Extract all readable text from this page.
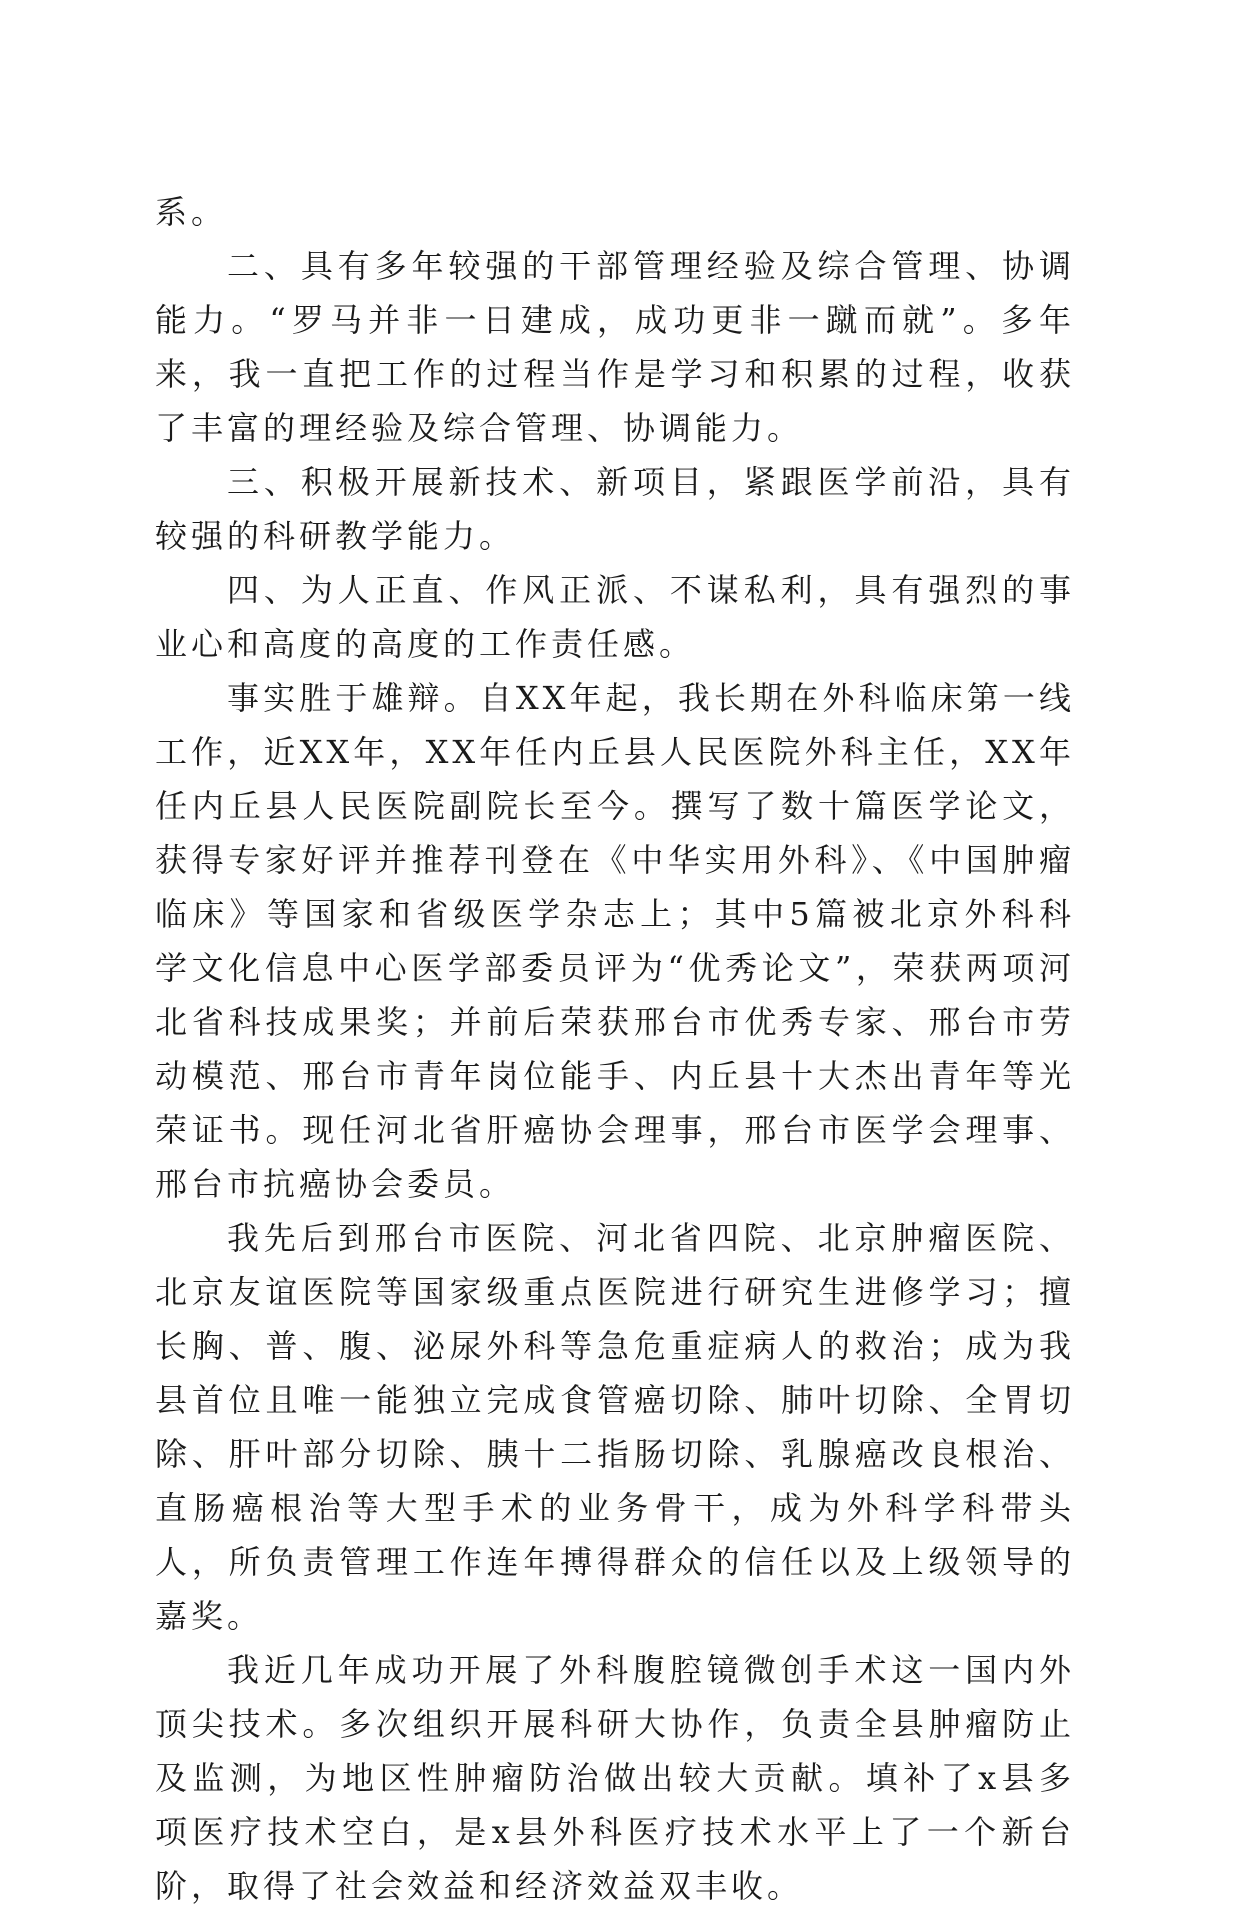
系。

二、具有多年较强的干部管理经验及综合管理、协调能力。“罗马并非一日建成，成功更非一蹴而就”。多年来，我一直把工作的过程当作是学习和积累的过程，收获了丰富的理经验及综合管理、协调能力。

三、积极开展新技术、新项目，紧跟医学前沿，具有较强的科研教学能力。

四、为人正直、作风正派、不谋私利，具有强烈的事业心和高度的高度的工作责任感。

事实胜于雄辩。自XX年起，我长期在外科临床第一线工作，近XX年，XX年任内丘县人民医院外科主任，XX年任内丘县人民医院副院长至今。撰写了数十篇医学论文，获得专家好评并推荐刊登在《中华实用外科》、《中国肿瘤临床》等国家和省级医学杂志上；其中5篇被北京外科科学文化信息中心医学部委员评为“优秀论文”，荣获两项河北省科技成果奖；并前后荣获邢台市优秀专家、邢台市劳动模范、邢台市青年岗位能手、内丘县十大杰出青年等光荣证书。现任河北省肝癌协会理事，邢台市医学会理事、邢台市抗癌协会委员。

我先后到邢台市医院、河北省四院、北京肿瘤医院、北京友谊医院等国家级重点医院进行研究生进修学习；擅长胸、普、腹、泌尿外科等急危重症病人的救治；成为我县首位且唯一能独立完成食管癌切除、肺叶切除、全胃切除、肝叶部分切除、胰十二指肠切除、乳腺癌改良根治、直肠癌根治等大型手术的业务骨干，成为外科学科带头人，所负责管理工作连年搏得群众的信任以及上级领导的嘉奖。

我近几年成功开展了外科腹腔镜微创手术这一国内外顶尖技术。多次组织开展科研大协作，负责全县肿瘤防止及监测，为地区性肿瘤防治做出较大贡献。填补了x县多项医疗技术空白，是x县外科医疗技术水平上了一个新台阶，取得了社会效益和经济效益双丰收。
